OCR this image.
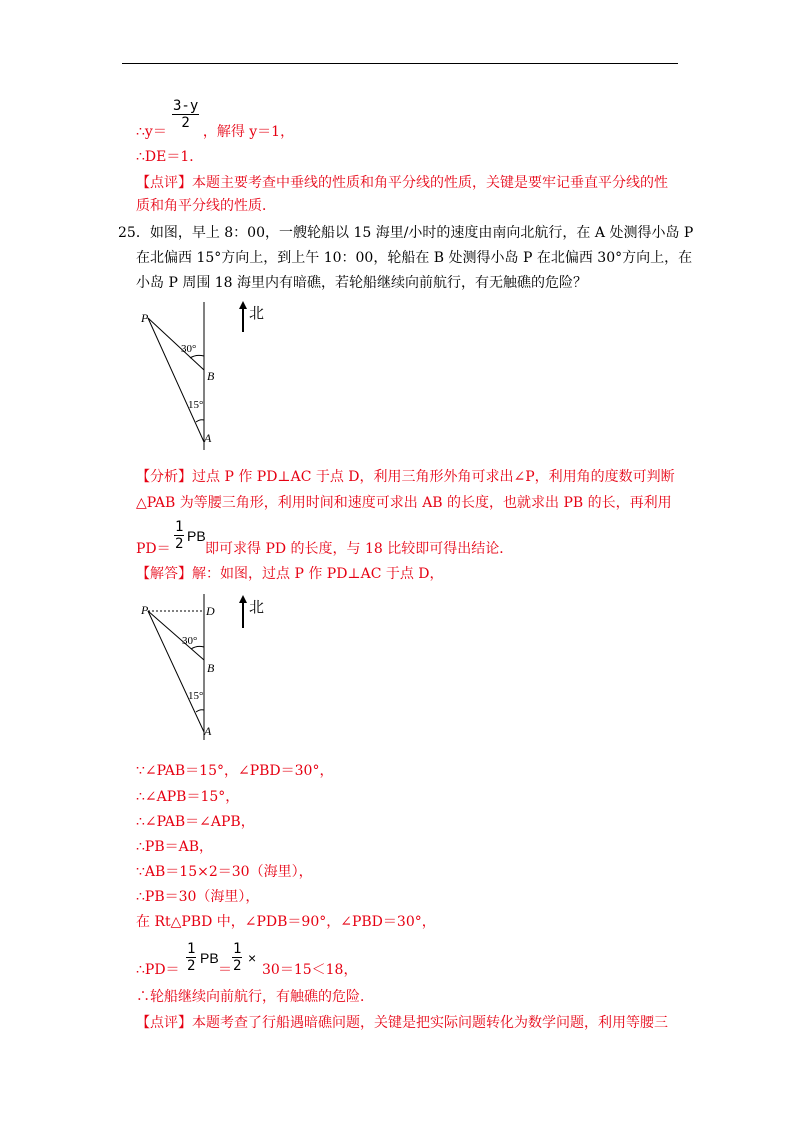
$\frac{3-y}{2}$
∴y＝	，解得 y＝1，
∴DE＝1．
【点评】本题主要考查中垂线的性质和角平分线的性质，关键是要牢记垂直平分线的性
质和角平分线的性质．
25．如图，早上 8：00，一艘轮船以 15 海里/小时的速度由南向北航行，在 A 处测得小岛 P
在北偏西 15°方向上，到上午 10：00，轮船在 B 处测得小岛 P 在北偏西 30°方向上，在
小岛 P 周围 18 海里内有暗礁，若轮船继续向前航行，有无触礁的危险？
P
30°
B
15°
A
北
【分析】过点 P 作 PD⊥AC 于点 D，利用三角形外角可求出∠P，利用角的度数可判断
△PAB 为等腰三角形，利用时间和速度可求出 AB 的长度，也就求出 PB 的长，再利用
$PD= \frac{1}{2}$ PB
即可求得 PD 的长度，与 18 比较即可得出结论．
【解答】解：如图，过点 P 作 PD⊥AC 于点 D，
P	D
30°
B
15°
A
北
∵∠PAB＝15°，∠PBD＝30°，
∴∠APB＝15°，
∴∠PAB＝∠APB，
∴PB＝AB，
∵AB＝15×2＝30（海里），
∴PB＝30（海里），
在 Rt△PBD 中，∠PDB＝90°，∠PBD＝30°，
∴PD＝ $\frac{1}{2}$ PB
＝ $\frac{1}{2}$ ×
30＝15＜18，
∴轮船继续向前航行，有触礁的危险．
【点评】本题考查了行船遇暗礁问题，关键是把实际问题转化为数学问题，利用等腰三
